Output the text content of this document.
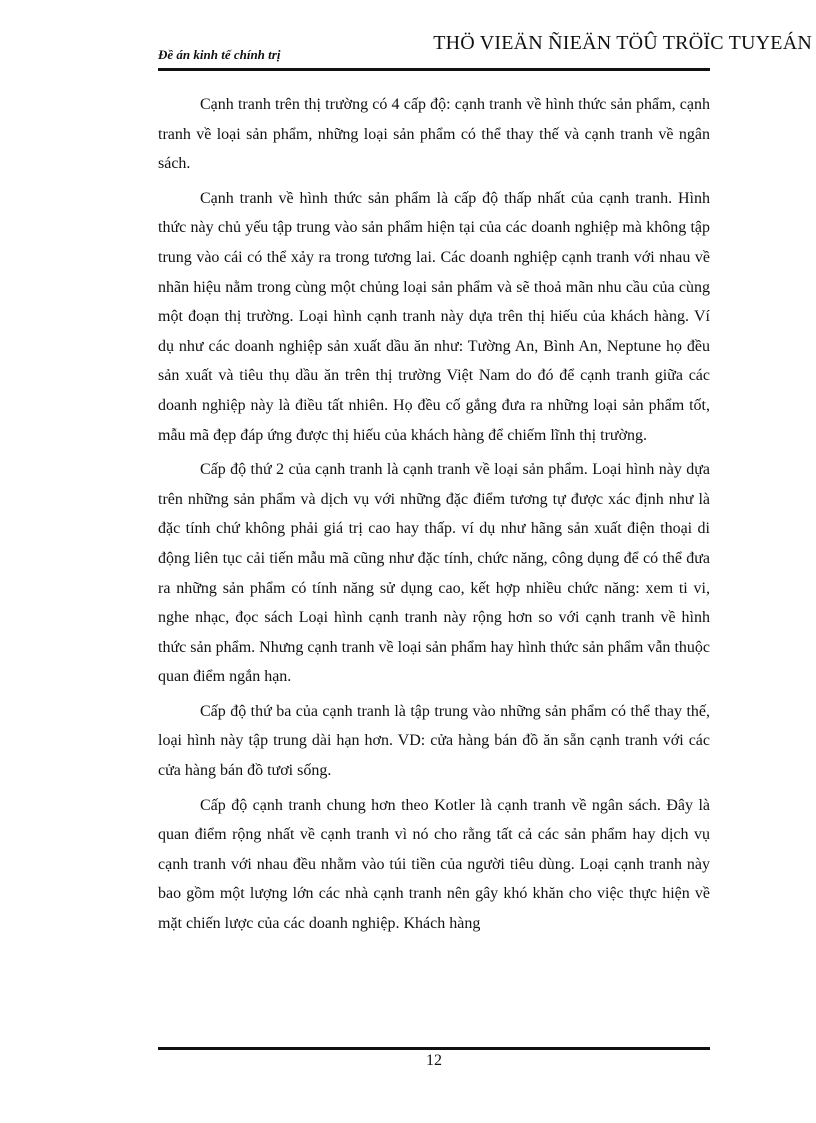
Đề án kinh tế chính trị
THÖ VIEÄN ÑIEÄN TÖÛ TRÖÏC TUYEÁN

Cạnh tranh trên thị trường có 4 cấp độ: cạnh tranh về hình thức sản phẩm, cạnh tranh về loại sản phẩm, những loại sản phẩm có thể thay thế và cạnh tranh về ngân sách.

Cạnh tranh về hình thức sản phẩm là cấp độ thấp nhất của cạnh tranh. Hình thức này chủ yếu tập trung vào sản phẩm hiện tại của các doanh nghiệp mà không tập trung vào cái có thể xảy ra trong tương lai. Các doanh nghiệp cạnh tranh với nhau về nhãn hiệu nằm trong cùng một chủng loại sản phẩm và sẽ thoả mãn nhu cầu của cùng một đoạn thị trường. Loại hình cạnh tranh này dựa trên thị hiếu của khách hàng. Ví dụ như các doanh nghiệp sản xuất dầu ăn như: Tường An, Bình An, Neptune họ đều sản xuất và tiêu thụ dầu ăn trên thị trường Việt Nam do đó để cạnh tranh giữa các doanh nghiệp này là điều tất nhiên. Họ đều cố gắng đưa ra những loại sản phẩm tốt, mẫu mã đẹp đáp ứng được thị hiếu của khách hàng để chiếm lĩnh thị trường.

Cấp độ thứ 2 của cạnh tranh là cạnh tranh về loại sản phẩm. Loại hình này dựa trên những sản phẩm và dịch vụ với những đặc điểm tương tự được xác định như là đặc tính chứ không phải giá trị cao hay thấp. ví dụ như hãng sản xuất điện thoại di động liên tục cải tiến mẫu mã cũng như đặc tính, chức năng, công dụng để có thể đưa ra những sản phẩm có tính năng sử dụng cao, kết hợp nhiều chức năng: xem ti vi, nghe nhạc, đọc sách Loại hình cạnh tranh này rộng hơn so với cạnh tranh về hình thức sản phẩm. Nhưng cạnh tranh về loại sản phẩm hay hình thức sản phẩm vẫn thuộc quan điểm ngắn hạn.

Cấp độ thứ ba của cạnh tranh là tập trung vào những sản phẩm có thể thay thế, loại hình này tập trung dài hạn hơn. VD: cửa hàng bán đồ ăn sẵn cạnh tranh với các cửa hàng bán đồ tươi sống.

Cấp độ cạnh tranh chung hơn theo Kotler là cạnh tranh về ngân sách. Đây là quan điểm rộng nhất về cạnh tranh vì nó cho rằng tất cả các sản phẩm hay dịch vụ cạnh tranh với nhau đều nhằm vào túi tiền của người tiêu dùng. Loại cạnh tranh này bao gồm một lượng lớn các nhà cạnh tranh nên gây khó khăn cho việc thực hiện về mặt chiến lược của các doanh nghiệp. Khách hàng

12
